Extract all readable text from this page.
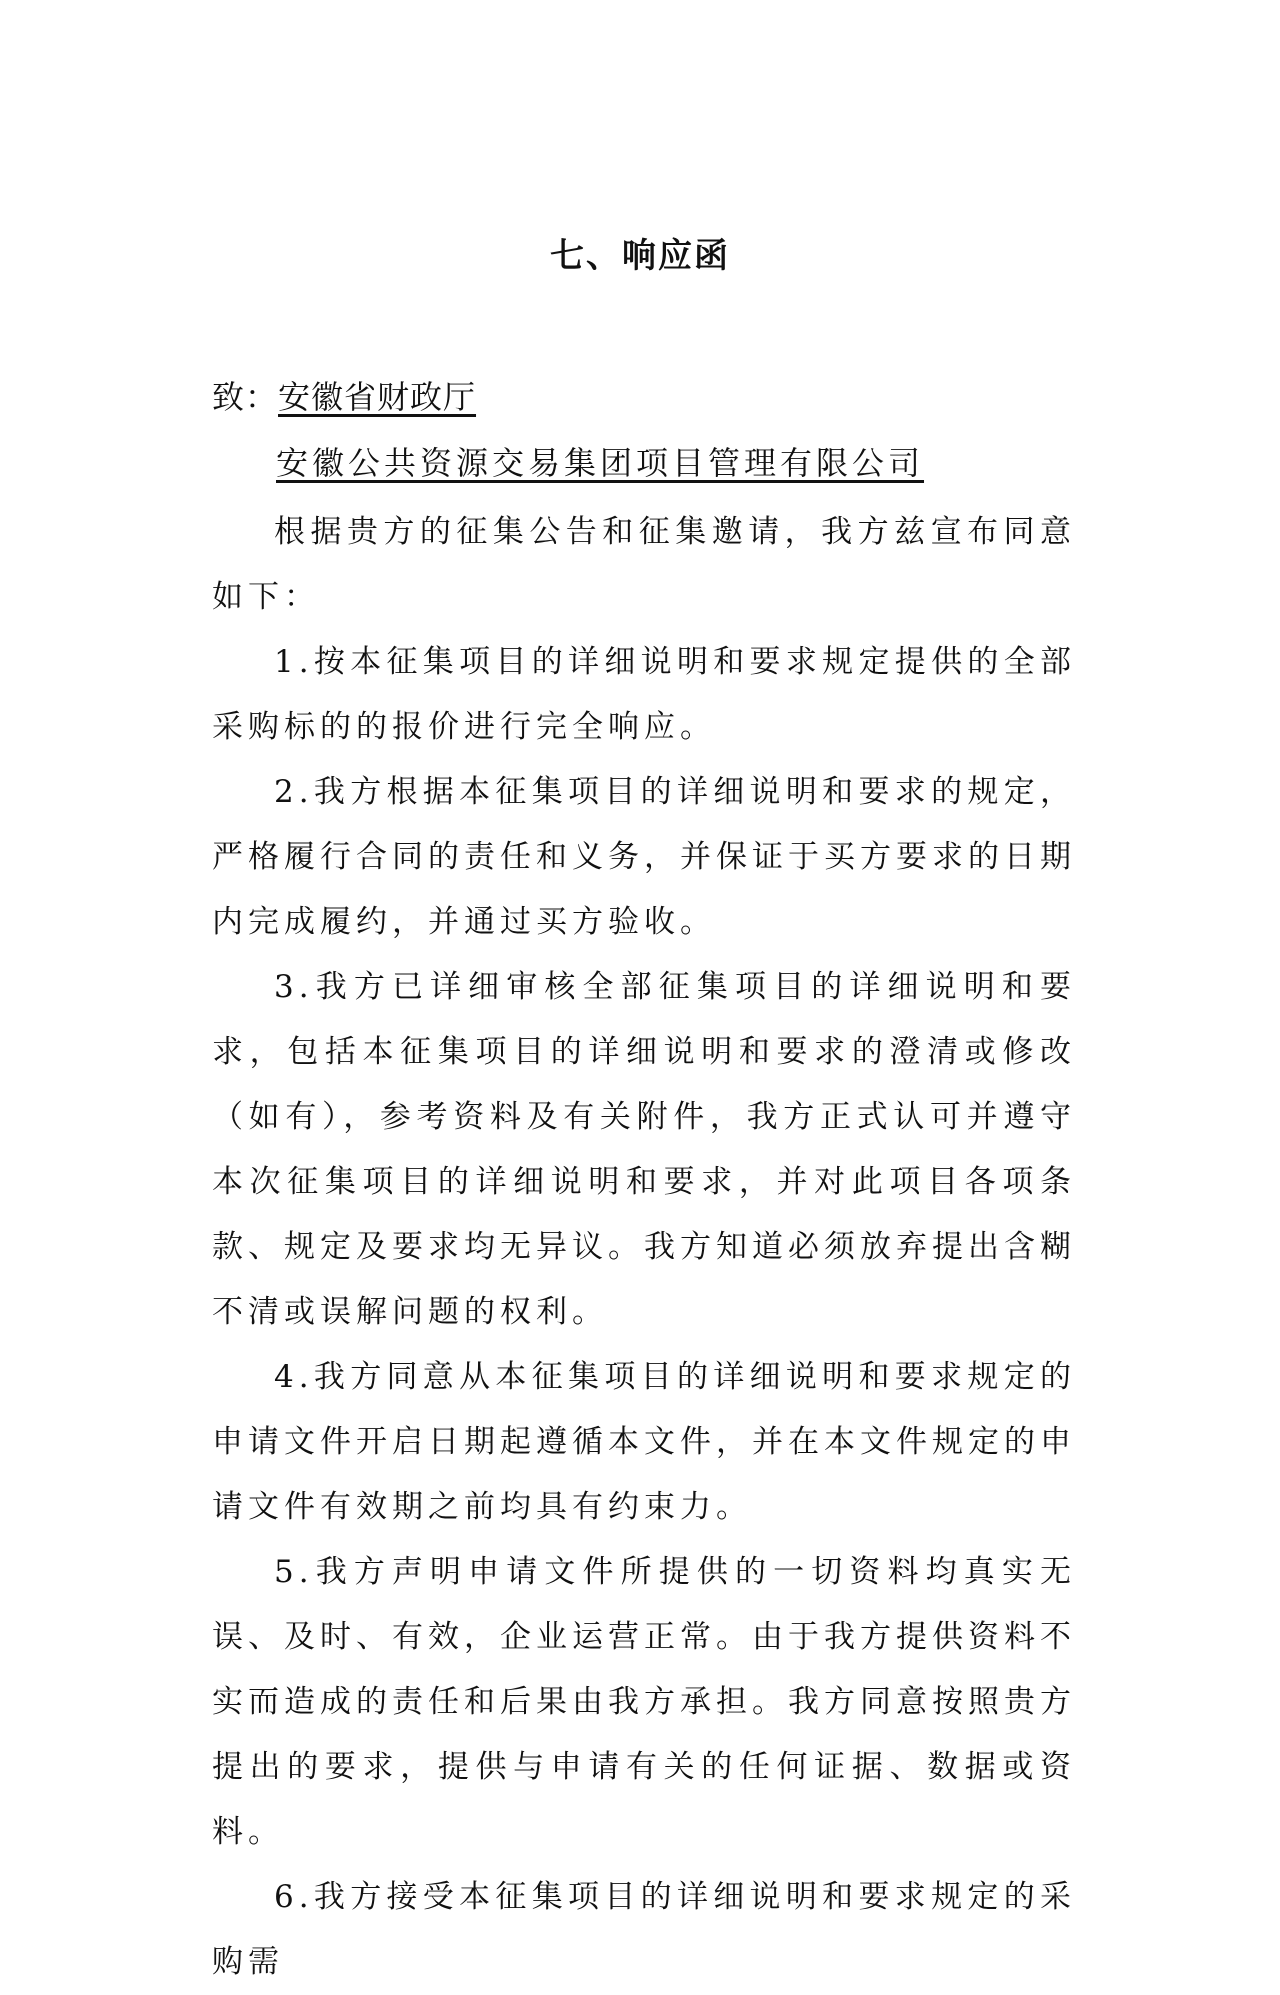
七、响应函
致：安徽省财政厅
安徽公共资源交易集团项目管理有限公司

根据贵方的征集公告和征集邀请，我方兹宣布同意如下：

1.按本征集项目的详细说明和要求规定提供的全部采购标的的报价进行完全响应。

2.我方根据本征集项目的详细说明和要求的规定，严格履行合同的责任和义务，并保证于买方要求的日期内完成履约，并通过买方验收。

3.我方已详细审核全部征集项目的详细说明和要求，包括本征集项目的详细说明和要求的澄清或修改（如有），参考资料及有关附件，我方正式认可并遵守本次征集项目的详细说明和要求，并对此项目各项条款、规定及要求均无异议。我方知道必须放弃提出含糊不清或误解问题的权利。

4.我方同意从本征集项目的详细说明和要求规定的申请文件开启日期起遵循本文件，并在本文件规定的申请文件有效期之前均具有约束力。

5.我方声明申请文件所提供的一切资料均真实无误、及时、有效，企业运营正常。由于我方提供资料不实而造成的责任和后果由我方承担。我方同意按照贵方提出的要求，提供与申请有关的任何证据、数据或资料。

6.我方接受本征集项目的详细说明和要求规定的采购需
